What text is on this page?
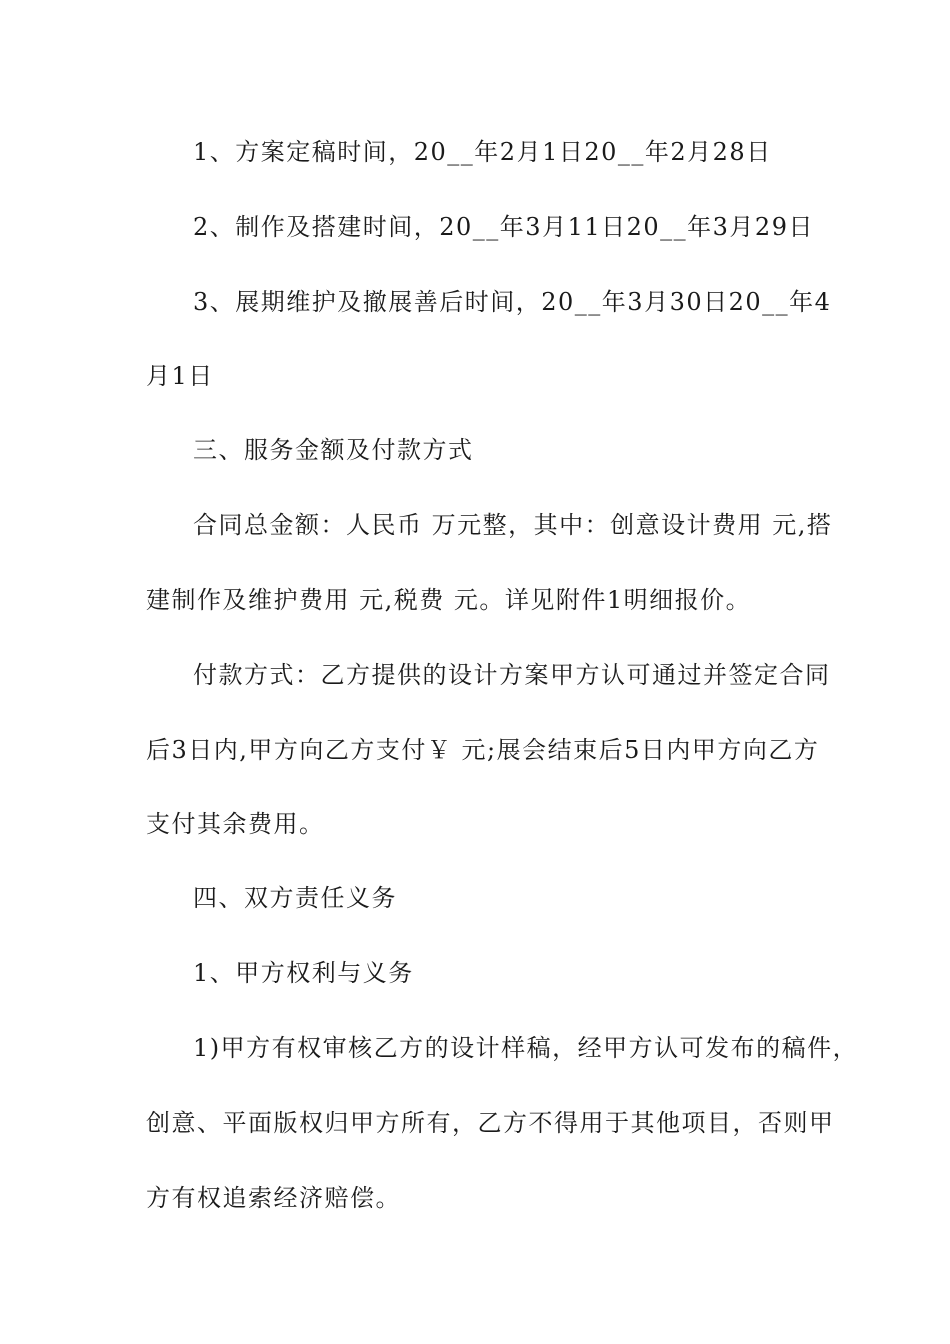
1、方案定稿时间，20__年2月1日20__年2月28日
2、制作及搭建时间，20__年3月11日20__年3月29日
3、展期维护及撤展善后时间，20__年3月30日20__年4
月1日
三、服务金额及付款方式
合同总金额：人民币 万元整，其中：创意设计费用 元,搭
建制作及维护费用 元,税费 元。详见附件1明细报价。
付款方式：乙方提供的设计方案甲方认可通过并签定合同
后3日内,甲方向乙方支付￥ 元;展会结束后5日内甲方向乙方
支付其余费用。
四、双方责任义务
1、甲方权利与义务
1)甲方有权审核乙方的设计样稿，经甲方认可发布的稿件，
创意、平面版权归甲方所有，乙方不得用于其他项目，否则甲
方有权追索经济赔偿。
